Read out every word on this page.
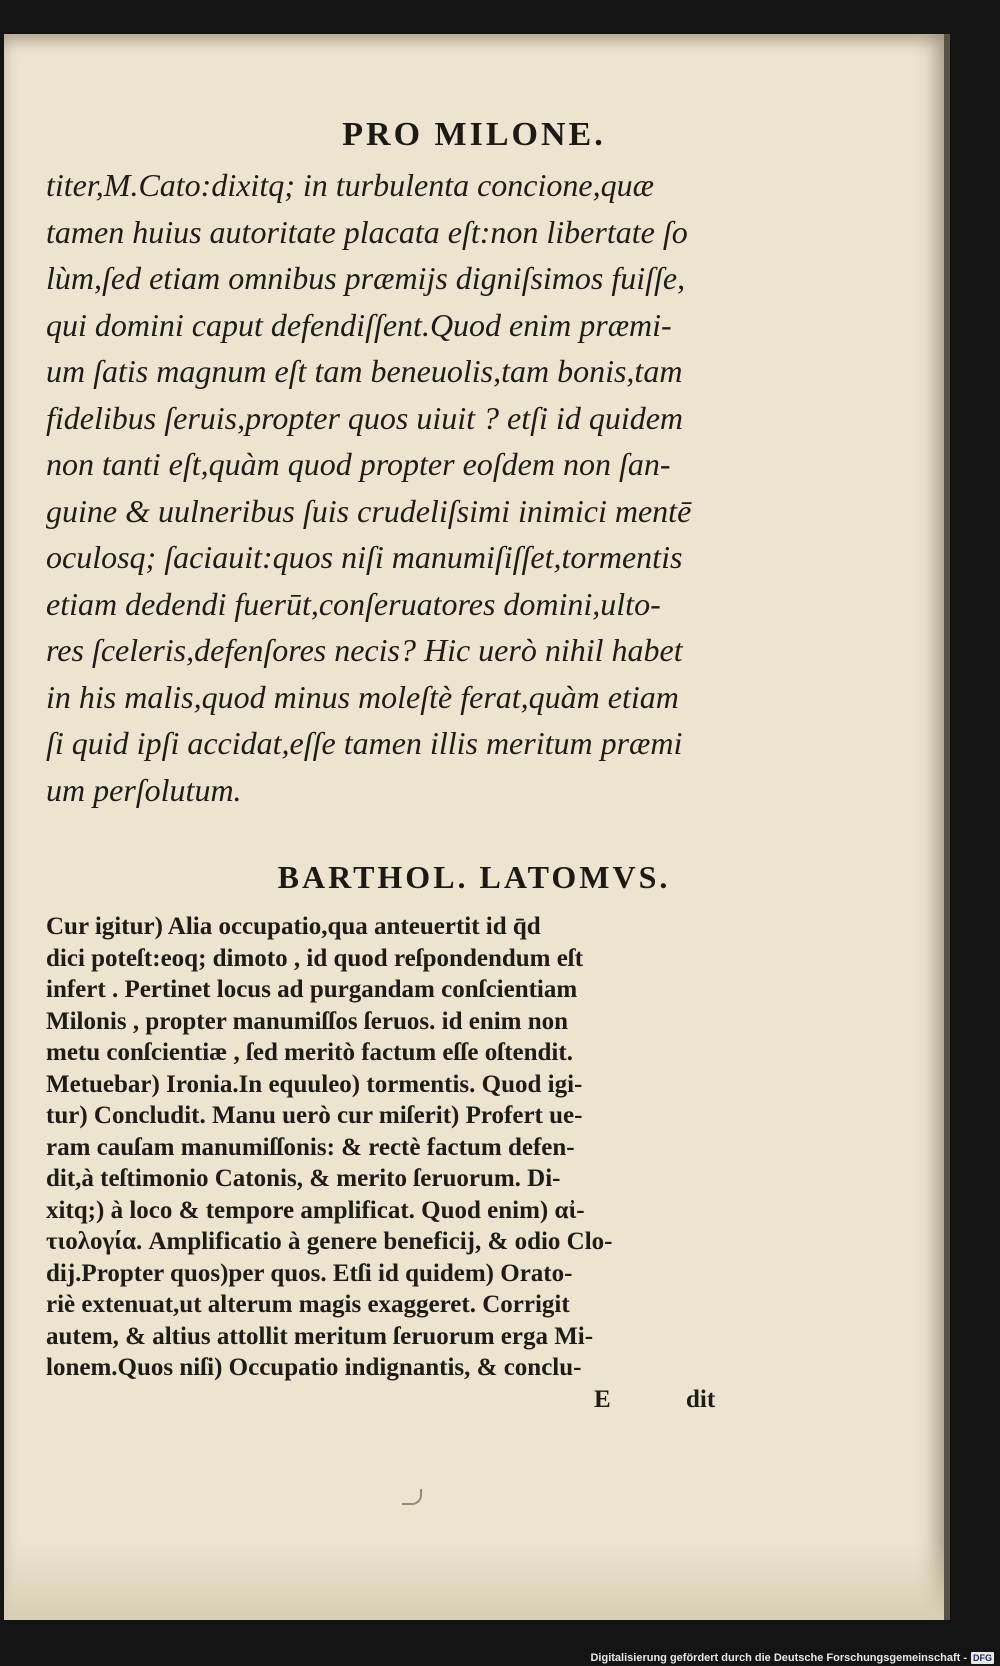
PRO MILONE.

titer,M.Cato:dixitq; in turbulenta concione,quæ

tamen huius autoritate placata eſt:non libertate ſo

lùm,ſed etiam omnibus præmijs digniſsimos fuiſſe,

qui domini caput defendiſſent.Quod enim præmi-

um ſatis magnum eſt tam beneuolis,tam bonis,tam

fidelibus ſeruis,propter quos uiuit ? etſi id quidem

non tanti eſt,quàm quod propter eoſdem non ſan-

guine & uulneribus ſuis crudeliſsimi inimici mentē

oculosq; ſaciauit:quos niſi manumiſiſſet,tormentis

etiam dedendi fuerūt,conſeruatores domini,ulto-

res ſceleris,defenſores necis? Hic uerò nihil habet

in his malis,quod minus moleſtè ferat,quàm etiam

ſi quid ipſi accidat,eſſe tamen illis meritum præmi

um perſolutum.

BARTHOL. LATOMVS.

Cur igitur) Alia occupatio,qua anteuertit id q̄d

dici poteſt:eoq; dimoto , id quod reſpondendum eſt

infert . Pertinet locus ad purgandam conſcientiam

Milonis , propter manumiſſos ſeruos. id enim non

metu conſcientiæ , ſed meritò factum eſſe oſtendit.

Metuebar) Ironia.In equuleo) tormentis. Quod igi-

tur) Concludit. Manu uerò cur miſerit) Profert ue-

ram cauſam manumiſſonis: & rectè factum defen-

dit,à teſtimonio Catonis, & merito ſeruorum. Di-

xitq;) à loco & tempore amplificat. Quod enim) αἰ-

τιολογία. Amplificatio à genere beneficij, & odio Clo-

dij.Propter quos)per quos. Etſi id quidem) Orato-

riè extenuat,ut alterum magis exaggeret. Corrigit

autem, & altius attollit meritum ſeruorum erga Mi-

lonem.Quos niſi) Occupatio indignantis, & conclu-

E	dit
Digitalisierung gefördert durch die Deutsche Forschungsgemeinschaft - DFG
